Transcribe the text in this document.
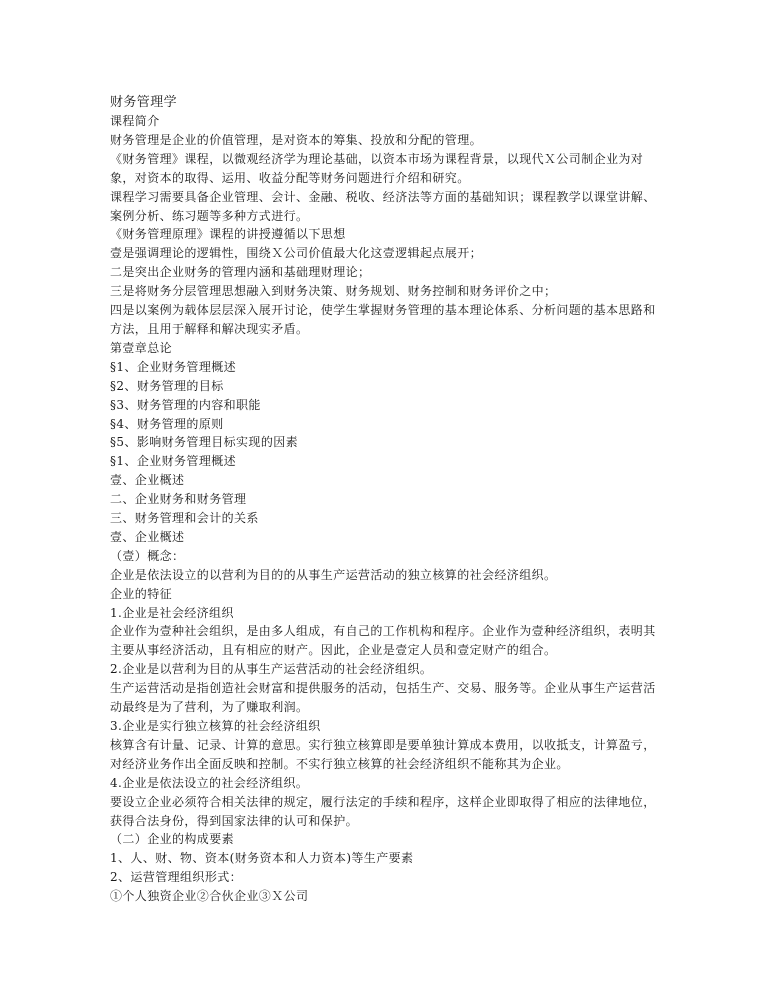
财务管理学

课程简介

财务管理是企业的价值管理，是对资本的筹集、投放和分配的管理。

《财务管理》课程，以微观经济学为理论基础，以资本市场为课程背景，以现代Ｘ公司制企业为对象，对资本的取得、运用、收益分配等财务问题进行介绍和研究。

课程学习需要具备企业管理、会计、金融、税收、经济法等方面的基础知识；课程教学以课堂讲解、案例分析、练习题等多种方式进行。

《财务管理原理》课程的讲授遵循以下思想

壹是强调理论的逻辑性，围绕Ｘ公司价值最大化这壹逻辑起点展开；

二是突出企业财务的管理内涵和基础理财理论；

三是将财务分层管理思想融入到财务决策、财务规划、财务控制和财务评价之中；

四是以案例为载体层层深入展开讨论，使学生掌握财务管理的基本理论体系、分析问题的基本思路和方法，且用于解释和解决现实矛盾。

第壹章总论

§1、企业财务管理概述

§2、财务管理的目标

§3、财务管理的内容和职能

§4、财务管理的原则

§5、影响财务管理目标实现的因素

§1、企业财务管理概述

壹、企业概述

二、企业财务和财务管理

三、财务管理和会计的关系

壹、企业概述

（壹）概念：

企业是依法设立的以营利为目的的从事生产运营活动的独立核算的社会经济组织。

企业的特征

1.企业是社会经济组织

企业作为壹种社会组织，是由多人组成，有自己的工作机构和程序。企业作为壹种经济组织，表明其主要从事经济活动，且有相应的财产。因此，企业是壹定人员和壹定财产的组合。

2.企业是以营利为目的从事生产运营活动的社会经济组织。

生产运营活动是指创造社会财富和提供服务的活动，包括生产、交易、服务等。企业从事生产运营活动最终是为了营利，为了赚取利润。

3.企业是实行独立核算的社会经济组织

核算含有计量、记录、计算的意思。实行独立核算即是要单独计算成本费用，以收抵支，计算盈亏，对经济业务作出全面反映和控制。不实行独立核算的社会经济组织不能称其为企业。

4.企业是依法设立的社会经济组织。

要设立企业必须符合相关法律的规定，履行法定的手续和程序，这样企业即取得了相应的法律地位，获得合法身份，得到国家法律的认可和保护。

（二）企业的构成要素

1、人、财、物、资本(财务资本和人力资本)等生产要素

2、运营管理组织形式：

①个人独资企业②合伙企业③Ｘ公司
